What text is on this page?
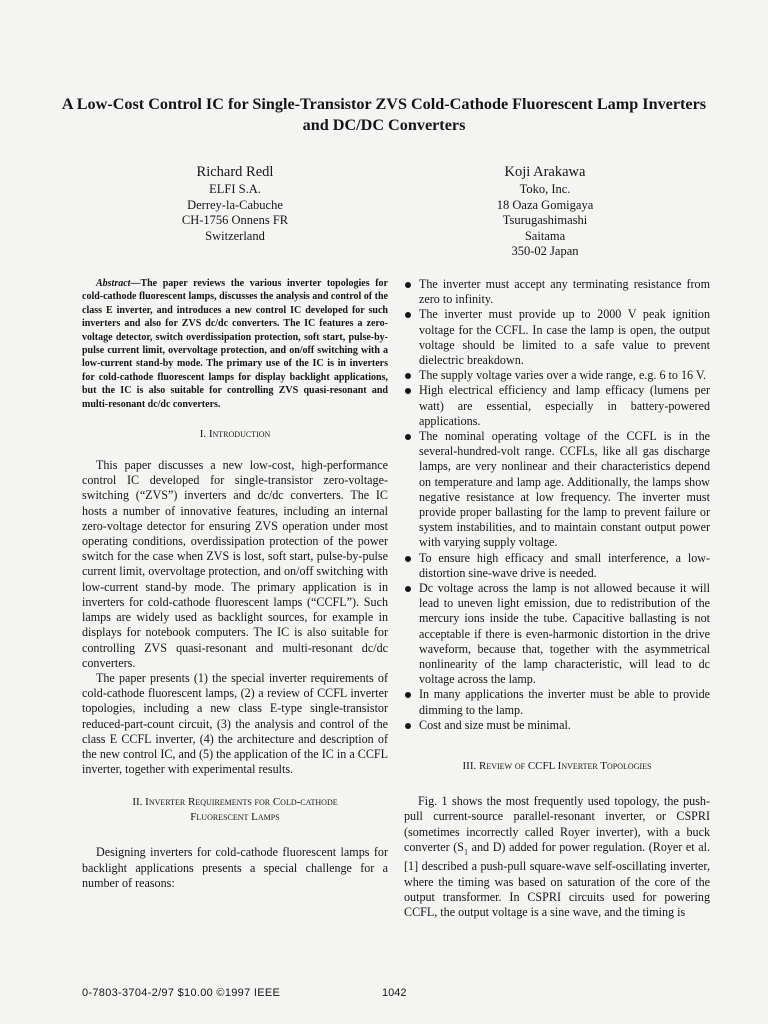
A Low-Cost Control IC for Single-Transistor ZVS Cold-Cathode Fluorescent Lamp Inverters and DC/DC Converters
Richard Redl
ELFI S.A.
Derrey-la-Cabuche
CH-1756 Onnens FR
Switzerland
Koji Arakawa
Toko, Inc.
18 Oaza Gomigaya
Tsurugashimashi
Saitama
350-02 Japan

Abstract—The paper reviews the various inverter topologies for cold-cathode fluorescent lamps, discusses the analysis and control of the class E inverter, and introduces a new control IC developed for such inverters and also for ZVS dc/dc converters. The IC features a zero-voltage detector, switch overdissipation protection, soft start, pulse-by-pulse current limit, overvoltage protection, and on/off switching with a low-current stand-by mode. The primary use of the IC is in inverters for cold-cathode fluorescent lamps for display backlight applications, but the IC is also suitable for controlling ZVS quasi-resonant and multi-resonant dc/dc converters.

I. Introduction

This paper discusses a new low-cost, high-performance control IC developed for single-transistor zero-voltage-switching (“ZVS”) inverters and dc/dc converters. The IC hosts a number of innovative features, including an internal zero-voltage detector for ensuring ZVS operation under most operating conditions, overdissipation protection of the power switch for the case when ZVS is lost, soft start, pulse-by-pulse current limit, overvoltage protection, and on/off switching with low-current stand-by mode. The primary application is in inverters for cold-cathode fluorescent lamps (“CCFL”). Such lamps are widely used as backlight sources, for example in displays for notebook computers. The IC is also suitable for controlling ZVS quasi-resonant and multi-resonant dc/dc converters.

The paper presents (1) the special inverter requirements of cold-cathode fluorescent lamps, (2) a review of CCFL inverter topologies, including a new class E-type single-transistor reduced-part-count circuit, (3) the analysis and control of the class E CCFL inverter, (4) the architecture and description of the new control IC, and (5) the application of the IC in a CCFL inverter, together with experimental results.

II. Inverter Requirements for Cold-cathode
Fluorescent Lamps

Designing inverters for cold-cathode fluorescent lamps for backlight applications presents a special challenge for a number of reasons:

The inverter must accept any terminating resistance from zero to infinity.
The inverter must provide up to 2000 V peak ignition voltage for the CCFL. In case the lamp is open, the output voltage should be limited to a safe value to prevent dielectric breakdown.
The supply voltage varies over a wide range, e.g. 6 to 16 V.
High electrical efficiency and lamp efficacy (lumens per watt) are essential, especially in battery-powered applications.
The nominal operating voltage of the CCFL is in the several-hundred-volt range. CCFLs, like all gas discharge lamps, are very nonlinear and their characteristics depend on temperature and lamp age. Additionally, the lamps show negative resistance at low frequency. The inverter must provide proper ballasting for the lamp to prevent failure or system instabilities, and to maintain constant output power with varying supply voltage.
To ensure high efficacy and small interference, a low-distortion sine-wave drive is needed.
Dc voltage across the lamp is not allowed because it will lead to uneven light emission, due to redistribution of the mercury ions inside the tube. Capacitive ballasting is not acceptable if there is even-harmonic distortion in the drive waveform, because that, together with the asymmetrical nonlinearity of the lamp characteristic, will lead to dc voltage across the lamp.
In many applications the inverter must be able to provide dimming to the lamp.
Cost and size must be minimal.
III. Review of CCFL Inverter Topologies

Fig. 1 shows the most frequently used topology, the push-pull current-source parallel-resonant inverter, or CSPRI (sometimes incorrectly called Royer inverter), with a buck converter ($S_1$ and D) added for power regulation. (Royer et al. [1] described a push-pull square-wave self-oscillating inverter, where the timing was based on saturation of the core of the output transformer. In CSPRI circuits used for powering CCFL, the output voltage is a sine wave, and the timing is

0-7803-3704-2/97 $10.00 ©1997 IEEE	1042
